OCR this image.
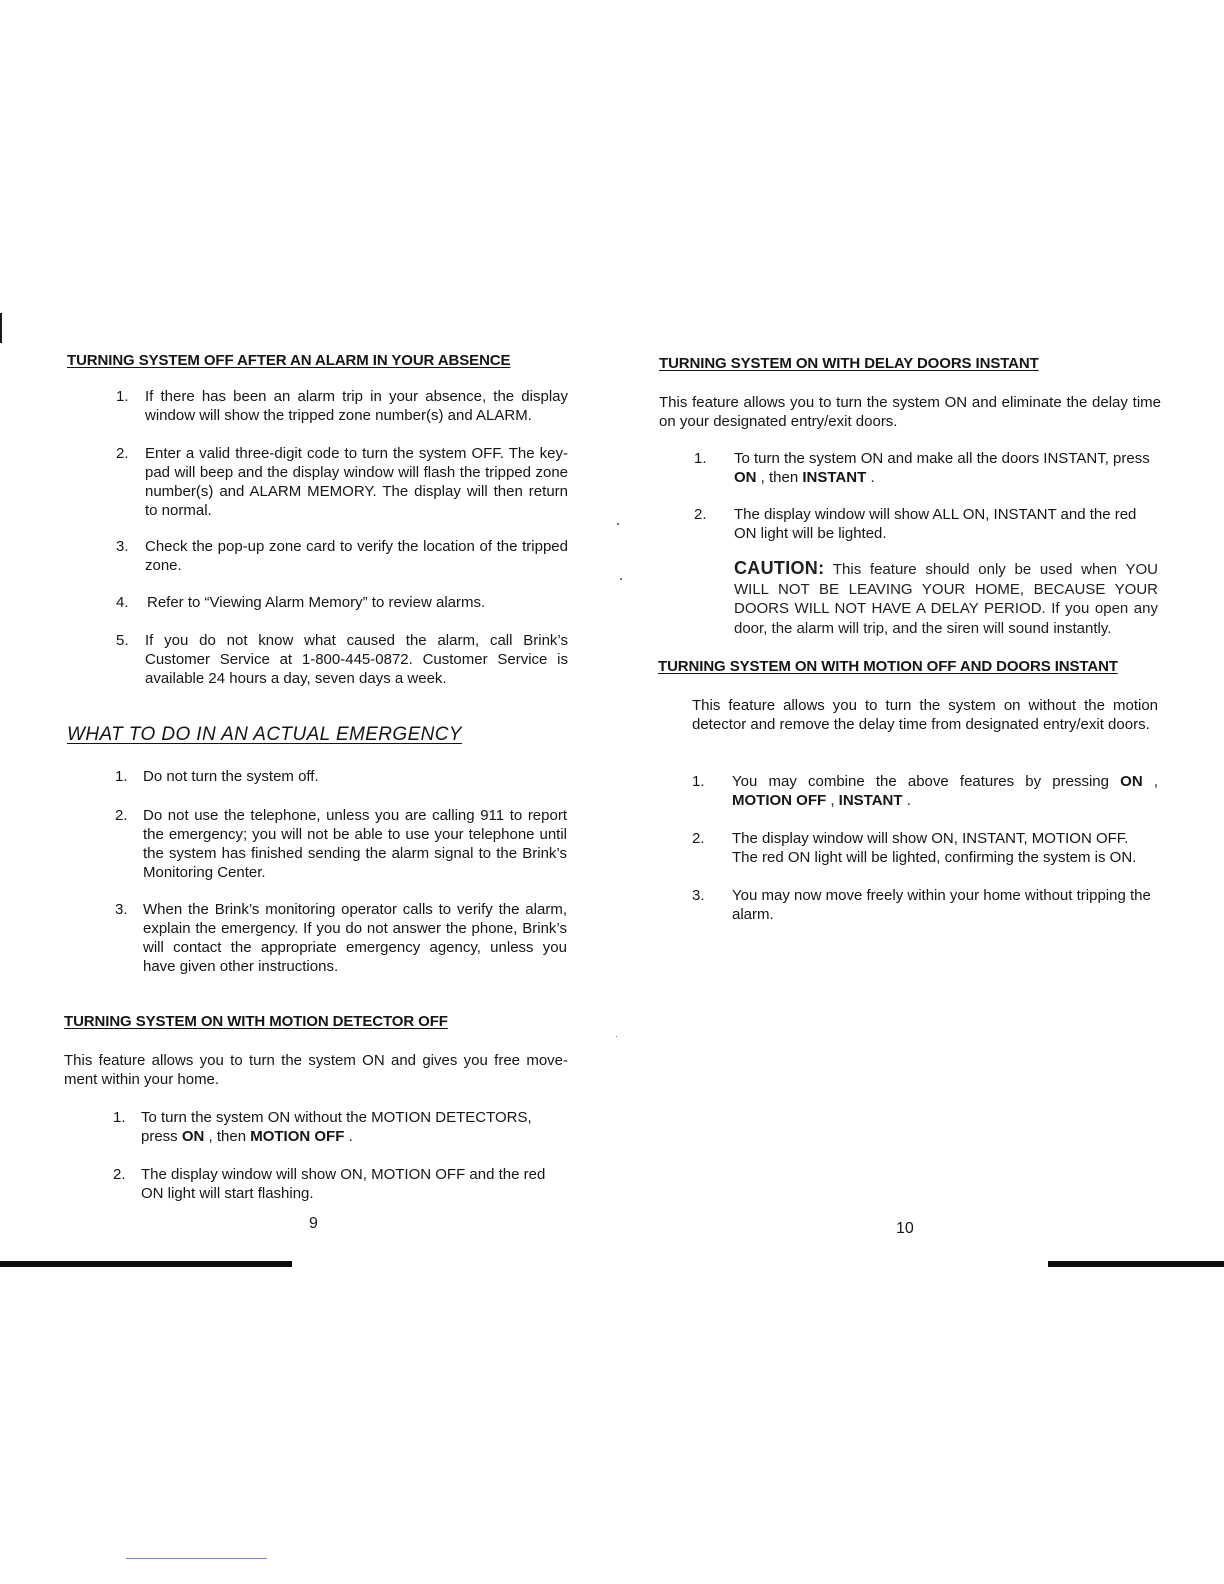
TURNING SYSTEM OFF AFTER AN ALARM IN YOUR ABSENCE
1. If there has been an alarm trip in your absence, the display window will show the tripped zone number(s) and ALARM.
2. Enter a valid three-digit code to turn the system OFF. The key-pad will beep and the display window will flash the tripped zone number(s) and ALARM MEMORY. The display will then return to normal.
3. Check the pop-up zone card to verify the location of the tripped zone.
4. Refer to “Viewing Alarm Memory” to review alarms.
5. If you do not know what caused the alarm, call Brink’s Customer Service at 1-800-445-0872. Customer Service is available 24 hours a day, seven days a week.
WHAT TO DO IN AN ACTUAL EMERGENCY
1. Do not turn the system off.
2. Do not use the telephone, unless you are calling 911 to report the emergency; you will not be able to use your telephone until the system has finished sending the alarm signal to the Brink’s Monitoring Center.
3. When the Brink’s monitoring operator calls to verify the alarm, explain the emergency. If you do not answer the phone, Brink’s will contact the appropriate emergency agency, unless you have given other instructions.
TURNING SYSTEM ON WITH MOTION DETECTOR OFF

This feature allows you to turn the system ON and gives you free move-ment within your home.

1. To turn the system ON without the MOTION DETECTORS, press ON , then MOTION OFF .
2. The display window will show ON, MOTION OFF and the red ON light will start flashing.
9
TURNING SYSTEM ON WITH DELAY DOORS INSTANT

This feature allows you to turn the system ON and eliminate the delay time on your designated entry/exit doors.

1. To turn the system ON and make all the doors INSTANT, press ON , then INSTANT .
2. The display window will show ALL ON, INSTANT and the red ON light will be lighted.
CAUTION: This feature should only be used when YOU WILL NOT BE LEAVING YOUR HOME, BECAUSE YOUR DOORS WILL NOT HAVE A DELAY PERIOD. If you open any door, the alarm will trip, and the siren will sound instantly.
TURNING SYSTEM ON WITH MOTION OFF AND DOORS INSTANT

This feature allows you to turn the system on without the motion detector and remove the delay time from designated entry/exit doors.

1. You may combine the above features by pressing ON , MOTION OFF , INSTANT .
2. The display window will show ON, INSTANT, MOTION OFF. The red ON light will be lighted, confirming the system is ON.
3. You may now move freely within your home without tripping the alarm.
10
